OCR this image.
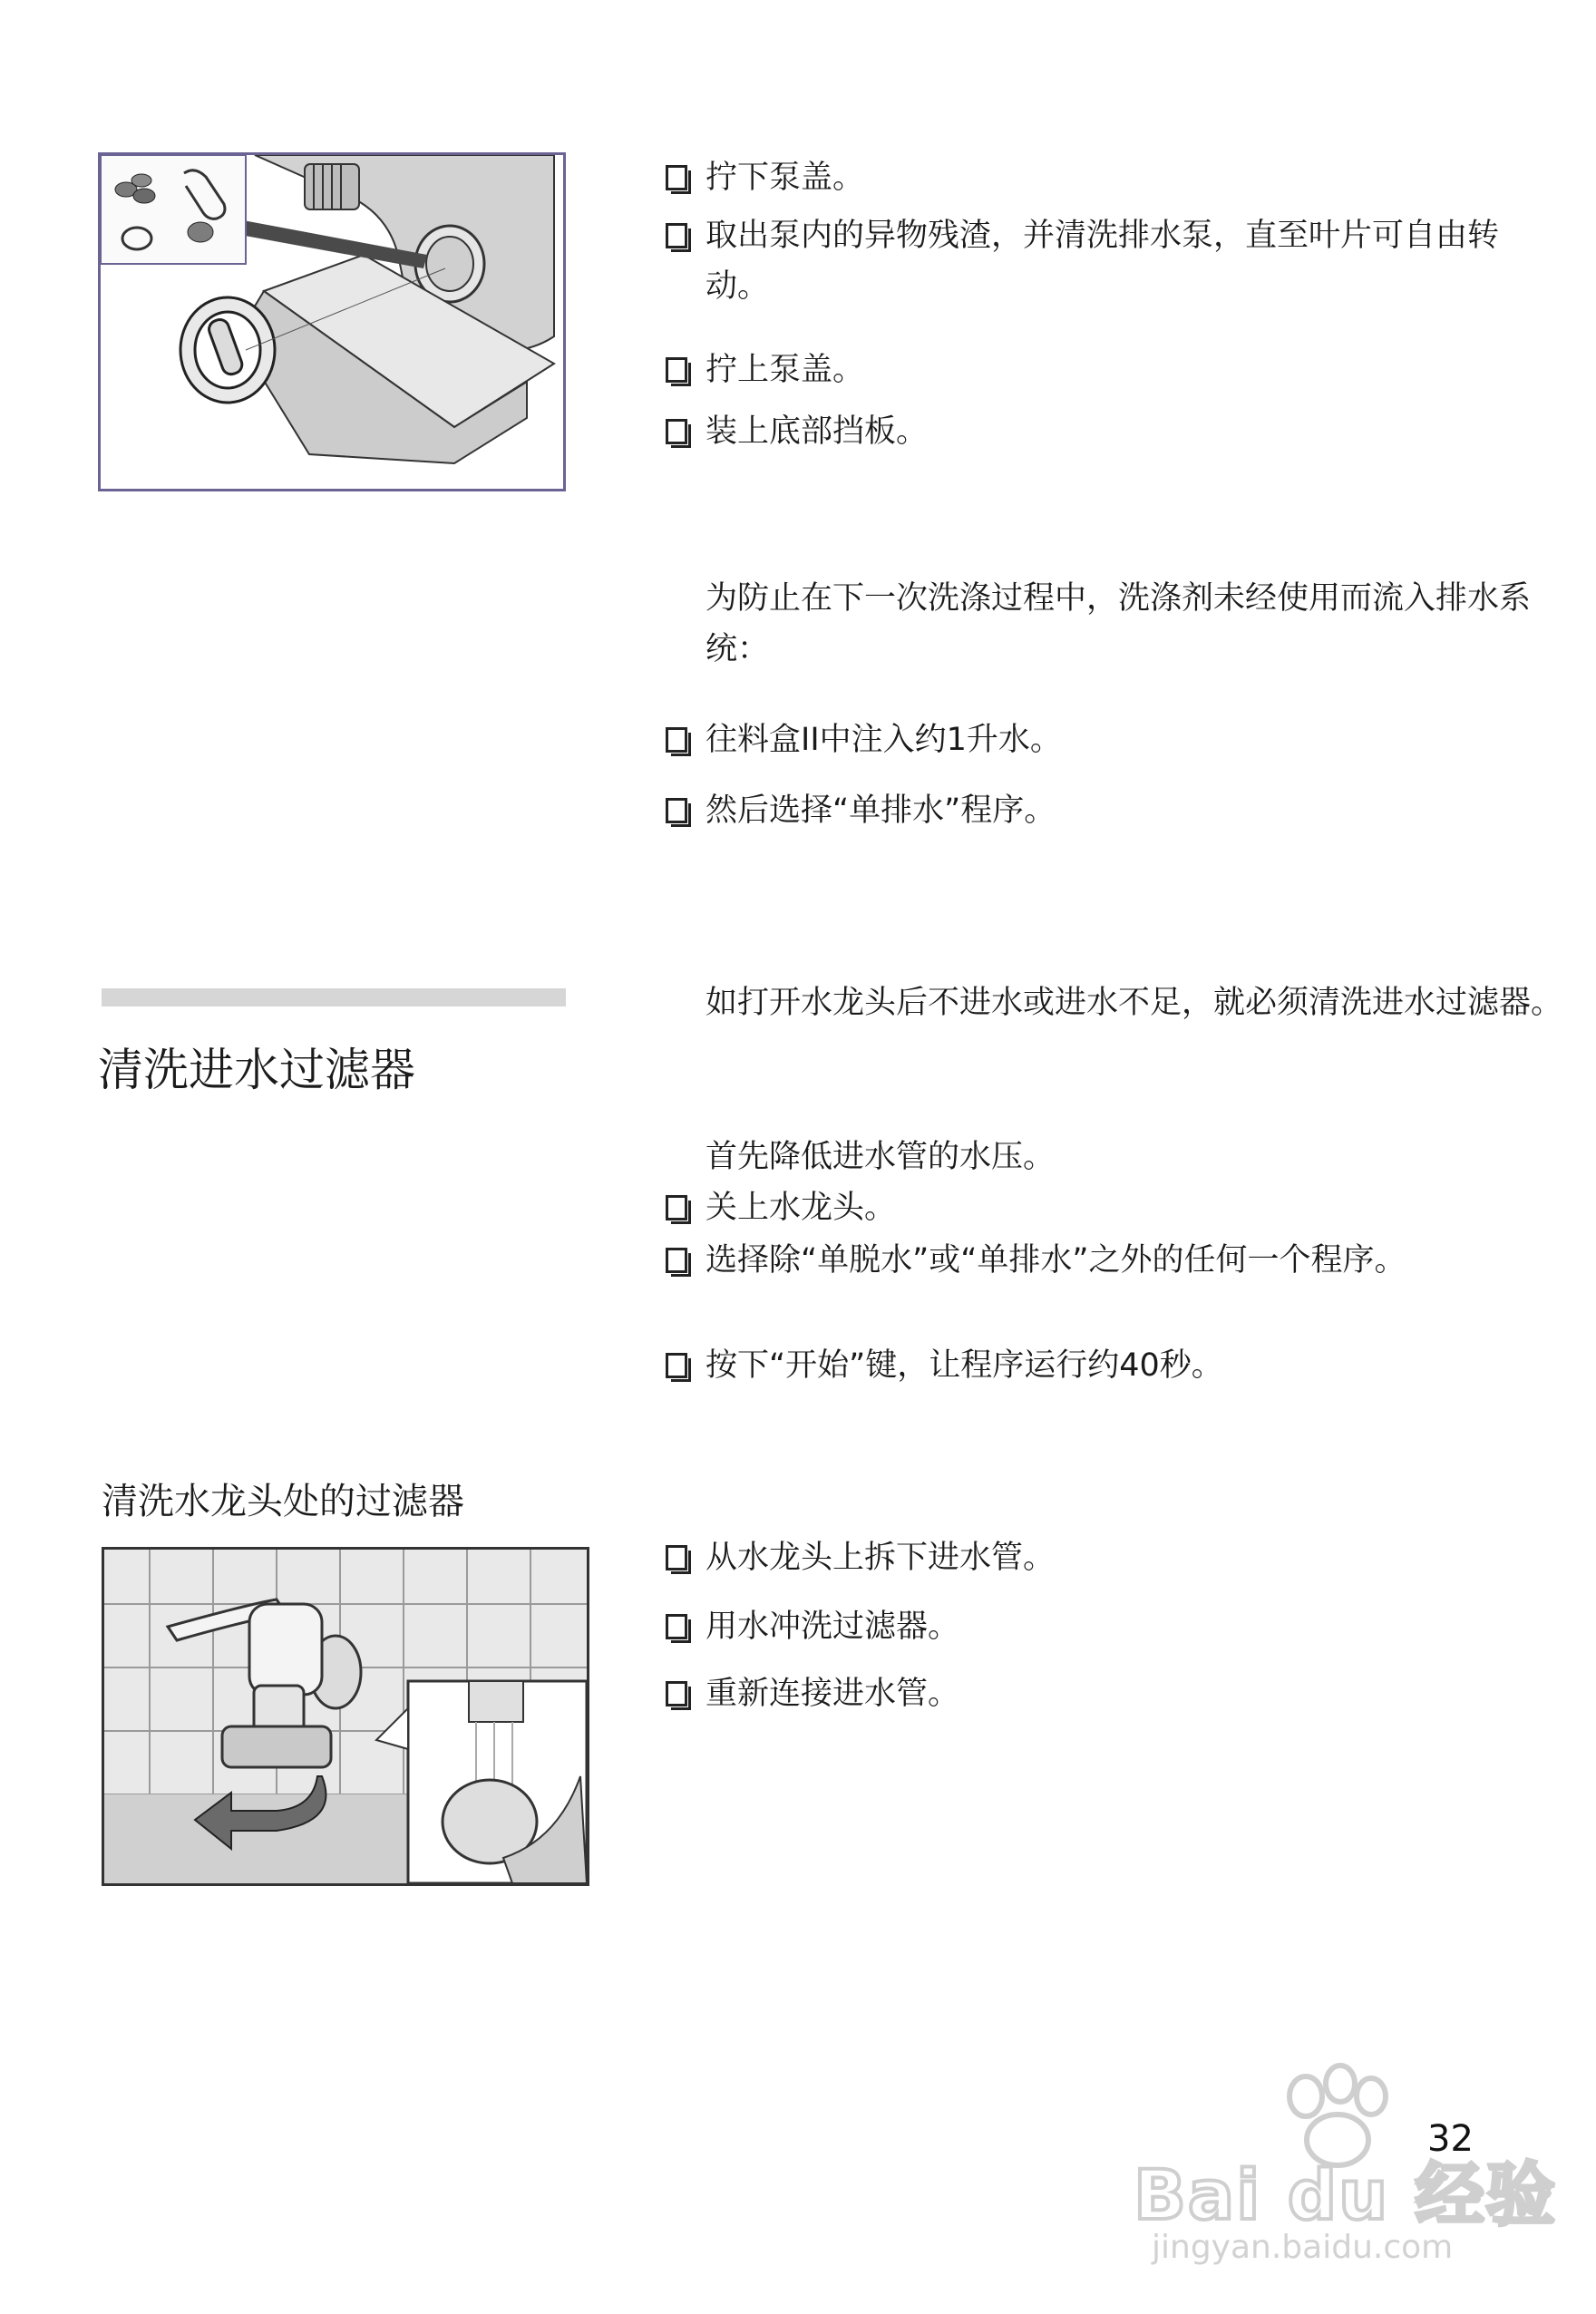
拧下泵盖。
取出泵内的异物残渣，并清洗排水泵，直至叶片可自由转动。
拧上泵盖。
装上底部挡板。
为防止在下一次洗涤过程中，洗涤剂未经使用而流入排水系统：
往料盒II中注入约1升水。
然后选择“单排水”程序。
清洗进水过滤器
如打开水龙头后不进水或进水不足，就必须清洗进水过滤器。
首先降低进水管的水压。
关上水龙头。
选择除“单脱水”或“单排水”之外的任何一个程序。
按下“开始”键，让程序运行约40秒。
清洗水龙头处的过滤器
从水龙头上拆下进水管。
用水冲洗过滤器。
重新连接进水管。
Bai du 经验
jingyan.baidu.com
32
